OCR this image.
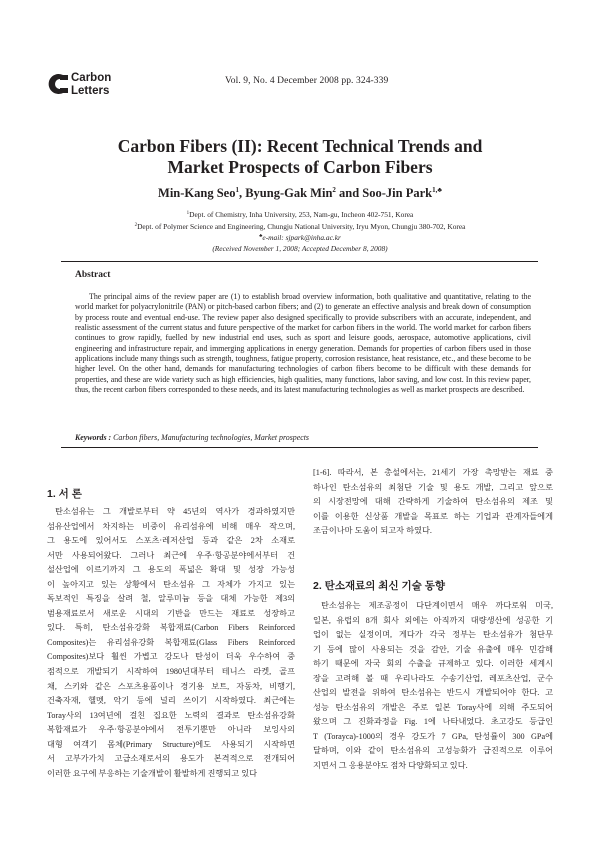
Carbon
Letters
Vol. 9, No. 4 December 2008 pp. 324-339
Carbon Fibers (II): Recent Technical Trends and
Market Prospects of Carbon Fibers
Min-Kang Seo$^1$, Byung-Gak Min$^2$ and Soo-Jin Park$^{1,♣}$
$^1$Dept. of Chemistry, Inha University, 253, Nam-gu, Incheon 402-751, Korea
$^2$Dept. of Polymer Science and Engineering, Chungju National University, Iryu Myon, Chungju 380-702, Korea
♣e-mail: sjpark@inha.ac.kr
(Received November 1, 2008; Accepted December 8, 2008)
Abstract
The principal aims of the review paper are (1) to establish broad overview information, both qualitative and quantitative, relating to the world market for polyacrylonitrile (PAN) or pitch-based carbon fibers; and (2) to generate an effective analysis and break down of consumption by process route and eventual end-use. The review paper also designed specifically to provide subscribers with an accurate, independent, and realistic assessment of the current status and future perspective of the market for carbon fibers in the world. The world market for carbon fibers continues to grow rapidly, fuelled by new industrial end uses, such as sport and leisure goods, aerospace, automotive applications, civil engineering and infrastructure repair, and immerging applications in energy generation. Demands for properties of carbon fibers used in those applications include many things such as strength, toughness, fatigue property, corrosion resistance, heat resistance, etc., and these become to be higher level. On the other hand, demands for manufacturing technologies of carbon fibers become to be difficult with these demands for properties, and these are wide variety such as high efficiencies, high qualities, many functions, labor saving, and low cost. In this review paper, thus, the recent carbon fibers corresponded to these needs, and its latest manufacturing technologies as well as market prospects are described.
Keywords : Carbon fibers, Manufacturing technologies, Market prospects
1. 서 론
탄소섬유는 그 개발로부터 약 45년의 역사가 경과하였지만
섬유산업에서 차지하는 비중이 유리섬유에 비해 매우 작으며,
그 용도에 있어서도 스포츠·레저산업 등과 같은 2차 소재로
서만 사용되어왔다. 그러나 최근에 우주·항공분야에서부터 건
설산업에 이르기까지 그 용도의 폭넓은 확대 및 성장 가능성
이 높아지고 있는 상황에서 탄소섬유 그 자체가 가지고 있는
독보적인 특징을 살려 철, 알루미늄 등을 대체 가능한 제3의
범용재료로서 새로운 시대의 기반을 만드는 재료로 성장하고
있다. 특히, 탄소섬유강화 복합재료(Carbon Fibers Reinforced
Composites)는 유리섬유강화 복합재료(Glass Fibers Reinforced
Composites)보다 훨씬 가볍고 강도나 탄성이 더욱 우수하여 중
점적으로 개발되기 시작하여 1980년대부터 테니스 라켓, 골프
채, 스키와 같은 스포츠용품이나 경기용 보트, 자동차, 비행기,
건축자재, 헬멧, 악기 등에 널리 쓰이기 시작하였다. 최근에는
Toray사의 13여년에 걸친 집요한 노력의 결과로 탄소섬유강화
복합재료가 우주·항공분야에서 전투기뿐만 아니라 보잉사의
대형 여객기 몸체(Primary Structure)에도 사용되기 시작하면
서 고부가가치 고급소재로서의 용도가 본격적으로 전개되어
이러한 요구에 부응하는 기술개발이 활발하게 진행되고 있다
[1-6]. 따라서, 본 총설에서는, 21세기 가장 촉망받는 재료 중
하나인 탄소섬유의 최첨단 기술 및 용도 개발, 그리고 앞으로
의 시장전망에 대해 간략하게 기술하여 탄소섬유의 제조 및
이를 이용한 신상품 개발을 목표로 하는 기업과 관계자들에게
조금이나마 도움이 되고자 하였다.
2. 탄소재료의 최신 기술 동향
탄소섬유는 제조공정이 다단계이면서 매우 까다로워 미국,
일본, 유럽의 8개 회사 외에는 아직까지 대량생산에 성공한 기
업이 없는 실정이며, 게다가 각국 정부는 탄소섬유가 첨단무
기 등에 많이 사용되는 것을 감안, 기술 유출에 매우 민감해
하기 때문에 자국 회의 수출을 규제하고 있다. 이러한 세계시
장을 고려해 볼 때 우리나라도 수송기산업, 레포츠산업, 군수
산업의 발전을 위하여 탄소섬유는 반드시 개발되어야 한다. 고
성능 탄소섬유의 개발은 주로 일본 Toray사에 의해 주도되어
왔으며 그 진화과정을 Fig. 1에 나타내었다. 초고강도 등급인
T (Torayca)-1000의 경우 강도가 7 GPa, 탄성률이 300 GPa에
달하며, 이와 같이 탄소섬유의 고성능화가 급진적으로 이루어
지면서 그 응용분야도 점차 다양화되고 있다.
